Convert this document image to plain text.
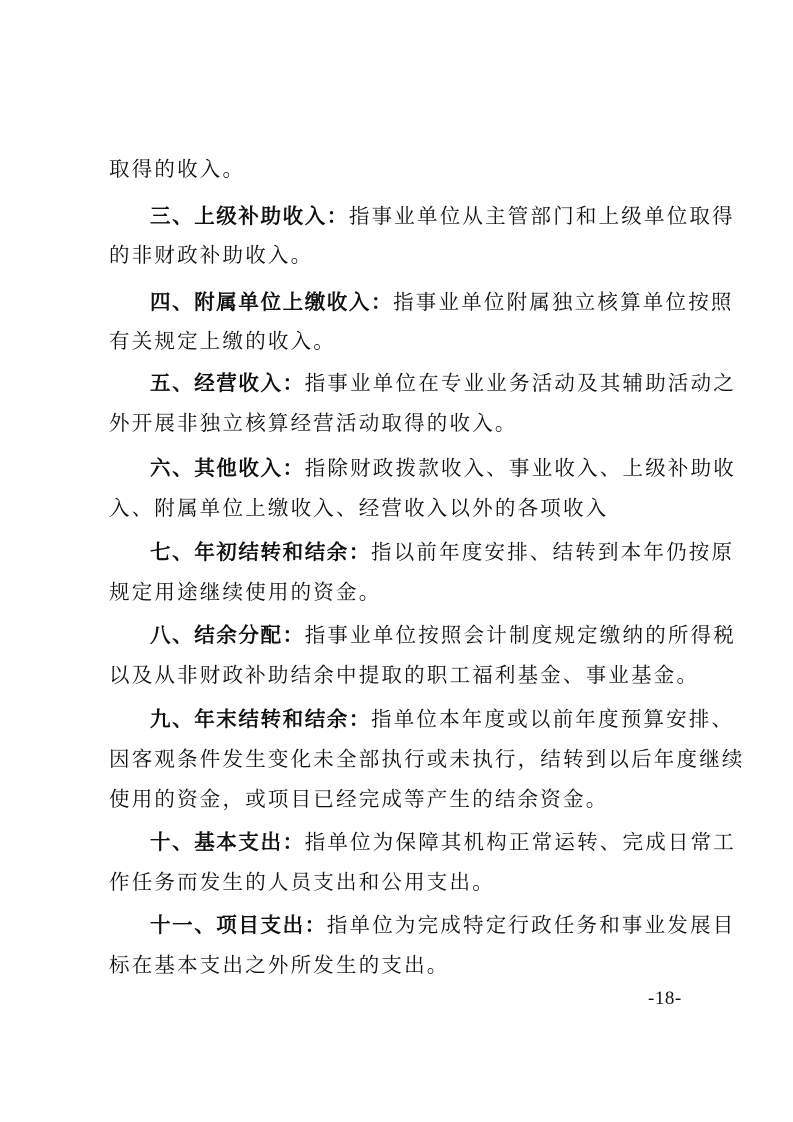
取得的收入。
三、上级补助收入：指事业单位从主管部门和上级单位取得
的非财政补助收入。
四、附属单位上缴收入：指事业单位附属独立核算单位按照
有关规定上缴的收入。
五、经营收入：指事业单位在专业业务活动及其辅助活动之
外开展非独立核算经营活动取得的收入。
六、其他收入：指除财政拨款收入、事业收入、上级补助收
入、附属单位上缴收入、经营收入以外的各项收入
七、年初结转和结余：指以前年度安排、结转到本年仍按原
规定用途继续使用的资金。
八、结余分配：指事业单位按照会计制度规定缴纳的所得税
以及从非财政补助结余中提取的职工福利基金、事业基金。
九、年末结转和结余：指单位本年度或以前年度预算安排、
因客观条件发生变化未全部执行或未执行，结转到以后年度继续
使用的资金，或项目已经完成等产生的结余资金。
十、基本支出：指单位为保障其机构正常运转、完成日常工
作任务而发生的人员支出和公用支出。
十一、项目支出：指单位为完成特定行政任务和事业发展目
标在基本支出之外所发生的支出。
-18-
